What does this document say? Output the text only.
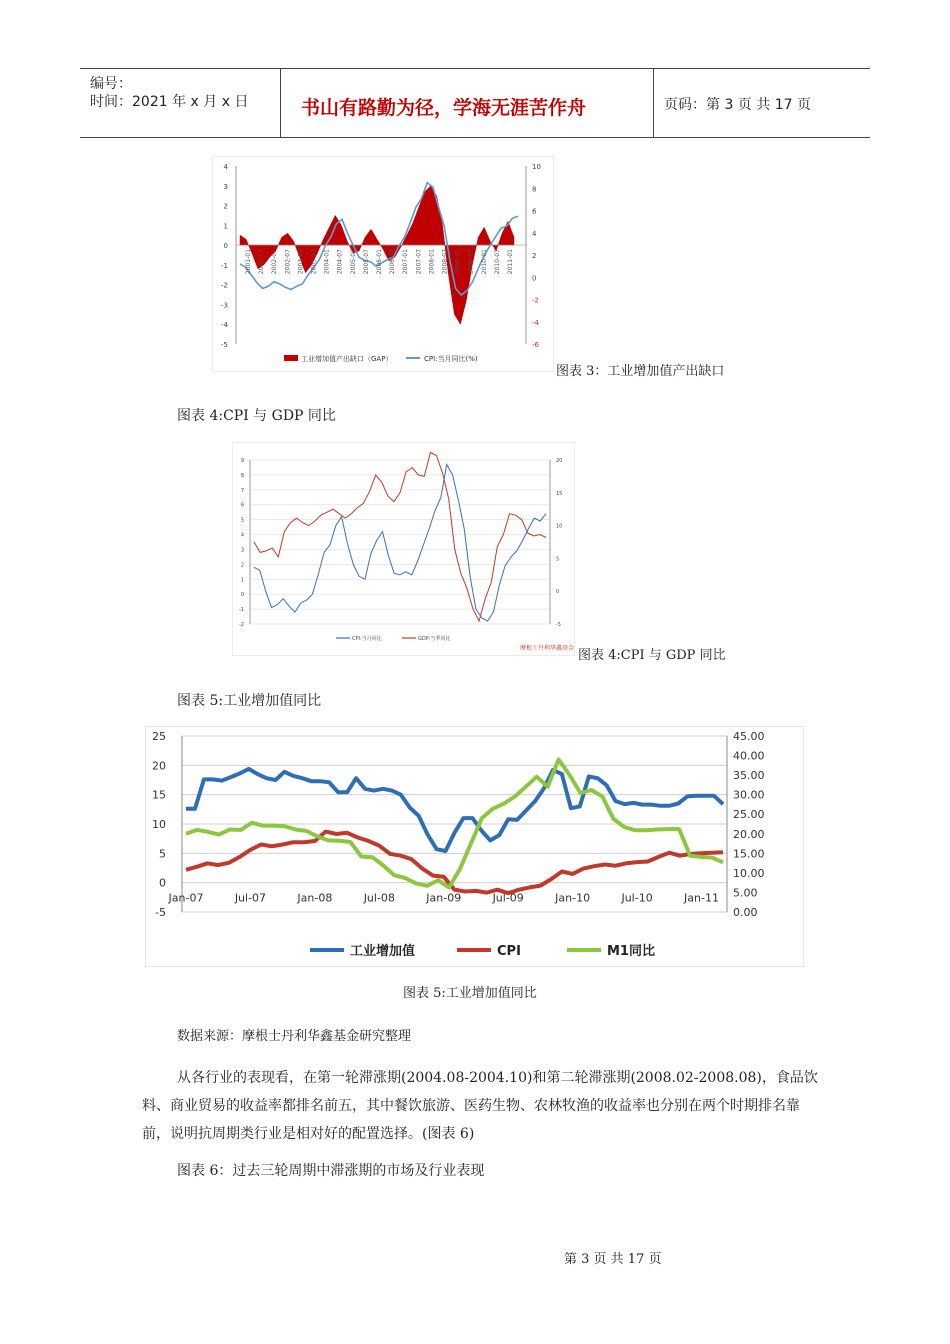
编号：
时间：2021 年 x 月 x 日	书山有路勤为径，学海无涯苦作舟	页码：第 3 页 共 17 页
4
3
2
1
0
-1
-2
-3
-4
-5
10
8
6
4
2
0
-2
-4
-6
2001-01 2001-07 2002-01 2002-07 2003-01 2003-07 2004-01 2004-07 2005-01 2005-07 2006-01 2006-07 2007-01 2007-07 2008-01 2008-07 2009-01 2009-07 2010-01 2010-07 2011-01
工业增加值产出缺口（GAP）	CPI:当月同比(%)
图表 3：工业增加值产出缺口
图表 4:CPI 与 GDP 同比
9
8
7
6
5
4
3
2
1
0
-1
-2
20
15
10
5
0
-5
CPI:当月同比	GDP:当季同比
摩根士丹利华鑫基金 图表 4:CPI 与 GDP 同比
图表 5:工业增加值同比
25
20
15
10
5
0
-5
45.00
40.00
35.00
30.00
25.00
20.00
15.00
10.00
5.00
0.00
Jan-07	Jul-07	Jan-08	Jul-08	Jan-09	Jul-09	Jan-10	Jul-10	Jan-11
工业增加值	CPI	M1同比
图表 5:工业增加值同比
数据来源：摩根士丹利华鑫基金研究整理
从各行业的表现看，在第一轮滞涨期(2004.08-2004.10)和第二轮滞涨期(2008.02-2008.08)，食品饮料、商业贸易的收益率都排名前五，其中餐饮旅游、医药生物、农林牧渔的收益率也分别在两个时期排名靠前，说明抗周期类行业是相对好的配置选择。(图表 6)
图表 6：过去三轮周期中滞涨期的市场及行业表现
第 3 页 共 17 页
